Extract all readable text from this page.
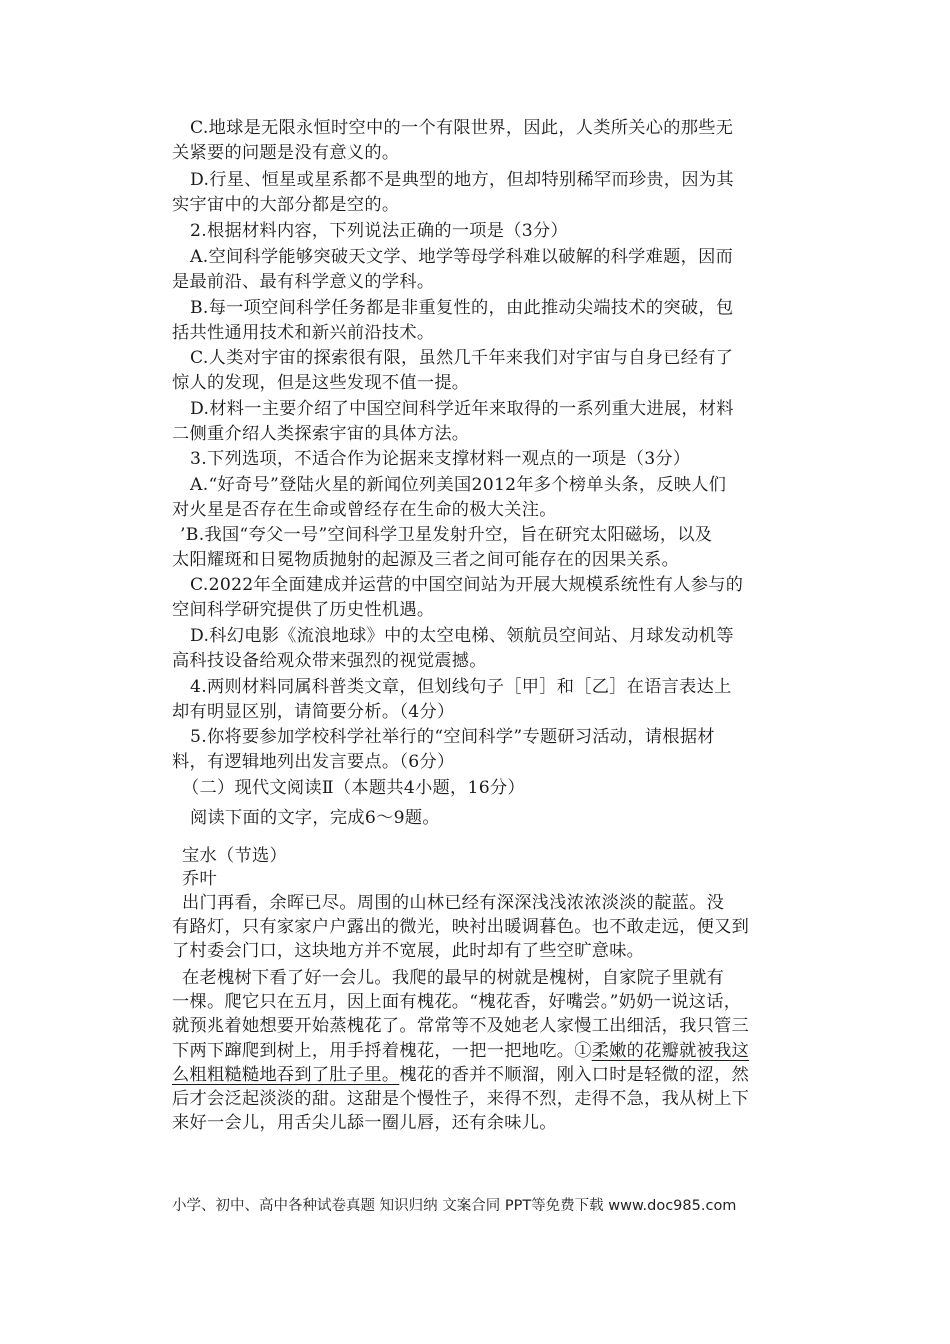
C.地球是无限永恒时空中的一个有限世界，因此，人类所关心的那些无
关紧要的问题是没有意义的。
D.行星、恒星或星系都不是典型的地方，但却特别稀罕而珍贵，因为其
实宇宙中的大部分都是空的。
2.根据材料内容，下列说法正确的一项是（3分）
A.空间科学能够突破天文学、地学等母学科难以破解的科学难题，因而
是最前沿、最有科学意义的学科。
B.每一项空间科学任务都是非重复性的，由此推动尖端技术的突破，包
括共性通用技术和新兴前沿技术。
C.人类对宇宙的探索很有限，虽然几千年来我们对宇宙与自身已经有了
惊人的发现，但是这些发现不值一提。
D.材料一主要介绍了中国空间科学近年来取得的一系列重大进展，材料
二侧重介绍人类探索宇宙的具体方法。
3.下列选项，不适合作为论据来支撑材料一观点的一项是（3分）
A.“好奇号”登陆火星的新闻位列美国2012年多个榜单头条，反映人们
对火星是否存在生命或曾经存在生命的极大关注。
’B.我国“夸父一号”空间科学卫星发射升空，旨在研究太阳磁场，以及
太阳耀斑和日冕物质抛射的起源及三者之间可能存在的因果关系。
C.2022年全面建成并运营的中国空间站为开展大规模系统性有人参与的
空间科学研究提供了历史性机遇。
D.科幻电影《流浪地球》中的太空电梯、领航员空间站、月球发动机等
高科技设备给观众带来强烈的视觉震撼。
4.两则材料同属科普类文章，但划线句子［甲］和［乙］在语言表达上
却有明显区别，请简要分析。（4分）
5.你将要参加学校科学社举行的“空间科学”专题研习活动，请根据材
料，有逻辑地列出发言要点。（6分）
（二）现代文阅读Ⅱ（本题共4小题，16分）
阅读下面的文字，完成6～9题。
宝水（节选）
乔叶
出门再看，余晖已尽。周围的山林已经有深深浅浅浓浓淡淡的靛蓝。没
有路灯，只有家家户户露出的微光，映衬出暖调暮色。也不敢走远，便又到
了村委会门口，这块地方并不宽展，此时却有了些空旷意味。
在老槐树下看了好一会儿。我爬的最早的树就是槐树，自家院子里就有
一棵。爬它只在五月，因上面有槐花。“槐花香，好嘴尝。”奶奶一说这话，
就预兆着她想要开始蒸槐花了。常常等不及她老人家慢工出细活，我只管三
下两下蹿爬到树上，用手捋着槐花，一把一把地吃。①柔嫩的花瓣就被我这
么粗粗糙糙地吞到了肚子里。槐花的香并不顺溜，刚入口时是轻微的涩，然
后才会泛起淡淡的甜。这甜是个慢性子，来得不烈，走得不急，我从树上下
来好一会儿，用舌尖儿舔一圈儿唇，还有余味儿。
小学、初中、高中各种试卷真题 知识归纳 文案合同 PPT等免费下载 www.doc985.com
